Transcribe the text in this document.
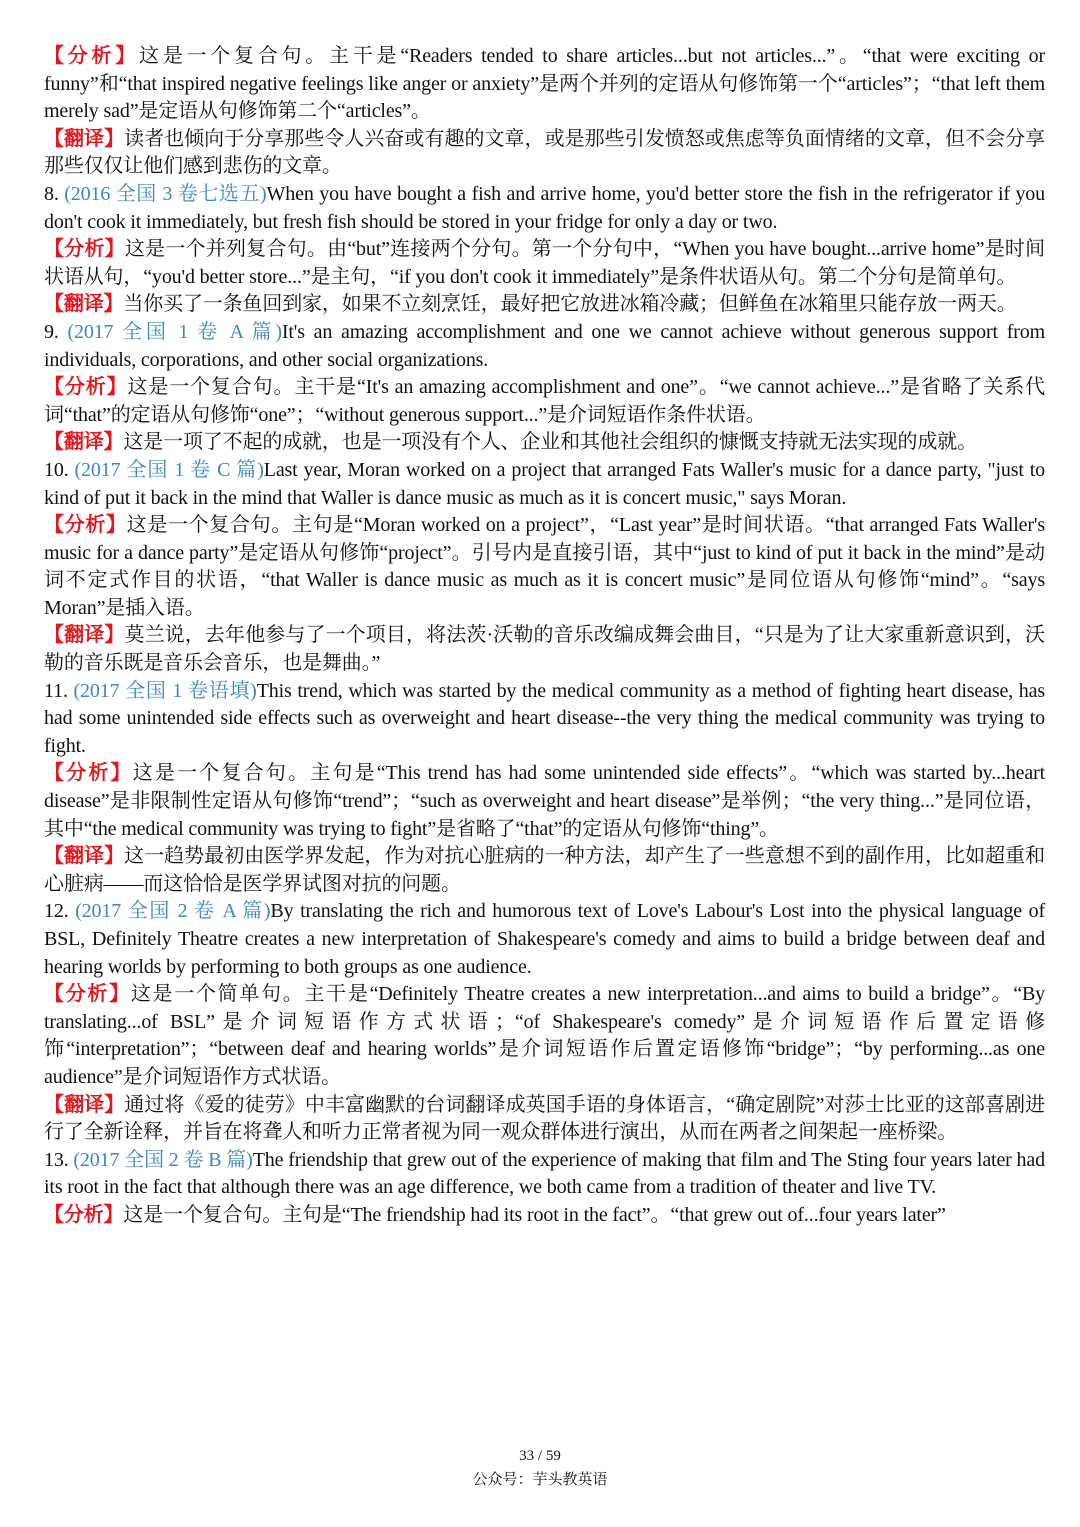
【分析】这是一个复合句。主干是“Readers tended to share articles...but not articles...”。“that were exciting or funny”和“that inspired negative feelings like anger or anxiety”是两个并列的定语从句修饰第一个“articles”；“that left them merely sad”是定语从句修饰第二个“articles”。

【翻译】读者也倾向于分享那些令人兴奋或有趣的文章，或是那些引发愤怒或焦虑等负面情绪的文章，但不会分享那些仅仅让他们感到悲伤的文章。

8. (2016 全国 3 卷七选五)When you have bought a fish and arrive home, you'd better store the fish in the refrigerator if you don't cook it immediately, but fresh fish should be stored in your fridge for only a day or two.

【分析】这是一个并列复合句。由“but”连接两个分句。第一个分句中，“When you have bought...arrive home”是时间状语从句，“you'd better store...”是主句，“if you don't cook it immediately”是条件状语从句。第二个分句是简单句。

【翻译】当你买了一条鱼回到家，如果不立刻烹饪，最好把它放进冰箱冷藏；但鲜鱼在冰箱里只能存放一两天。

9. (2017 全国 1 卷 A 篇)It's an amazing accomplishment and one we cannot achieve without generous support from individuals, corporations, and other social organizations.

【分析】这是一个复合句。主干是“It's an amazing accomplishment and one”。“we cannot achieve...”是省略了关系代词“that”的定语从句修饰“one”；“without generous support...”是介词短语作条件状语。

【翻译】这是一项了不起的成就，也是一项没有个人、企业和其他社会组织的慷慨支持就无法实现的成就。

10. (2017 全国 1 卷 C 篇)Last year, Moran worked on a project that arranged Fats Waller's music for a dance party, "just to kind of put it back in the mind that Waller is dance music as much as it is concert music," says Moran.

【分析】这是一个复合句。主句是“Moran worked on a project”，“Last year”是时间状语。“that arranged Fats Waller's music for a dance party”是定语从句修饰“project”。引号内是直接引语，其中“just to kind of put it back in the mind”是动词不定式作目的状语，“that Waller is dance music as much as it is concert music”是同位语从句修饰“mind”。“says Moran”是插入语。

【翻译】莫兰说，去年他参与了一个项目，将法茨·沃勒的音乐改编成舞会曲目，“只是为了让大家重新意识到，沃勒的音乐既是音乐会音乐，也是舞曲。”

11. (2017 全国 1 卷语填)This trend, which was started by the medical community as a method of fighting heart disease, has had some unintended side effects such as overweight and heart disease--the very thing the medical community was trying to fight.

【分析】这是一个复合句。主句是“This trend has had some unintended side effects”。“which was started by...heart disease”是非限制性定语从句修饰“trend”；“such as overweight and heart disease”是举例；“the very thing...”是同位语，其中“the medical community was trying to fight”是省略了“that”的定语从句修饰“thing”。

【翻译】这一趋势最初由医学界发起，作为对抗心脏病的一种方法，却产生了一些意想不到的副作用，比如超重和心脏病——而这恰恰是医学界试图对抗的问题。

12. (2017 全国 2 卷 A 篇)By translating the rich and humorous text of Love's Labour's Lost into the physical language of BSL, Definitely Theatre creates a new interpretation of Shakespeare's comedy and aims to build a bridge between deaf and hearing worlds by performing to both groups as one audience.

【分析】这是一个简单句。主干是“Definitely Theatre creates a new interpretation...and aims to build a bridge”。“By translating...of BSL”是介词短语作方式状语；“of Shakespeare's comedy”是介词短语作后置定语修饰“interpretation”；“between deaf and hearing worlds”是介词短语作后置定语修饰“bridge”；“by performing...as one audience”是介词短语作方式状语。

【翻译】通过将《爱的徒劳》中丰富幽默的台词翻译成英国手语的身体语言，“确定剧院”对莎士比亚的这部喜剧进行了全新诠释，并旨在将聋人和听力正常者视为同一观众群体进行演出，从而在两者之间架起一座桥梁。

13. (2017 全国 2 卷 B 篇)The friendship that grew out of the experience of making that film and The Sting four years later had its root in the fact that although there was an age difference, we both came from a tradition of theater and live TV.

【分析】这是一个复合句。主句是“The friendship had its root in the fact”。“that grew out of...four years later”

33 / 59
公众号：芋头教英语
